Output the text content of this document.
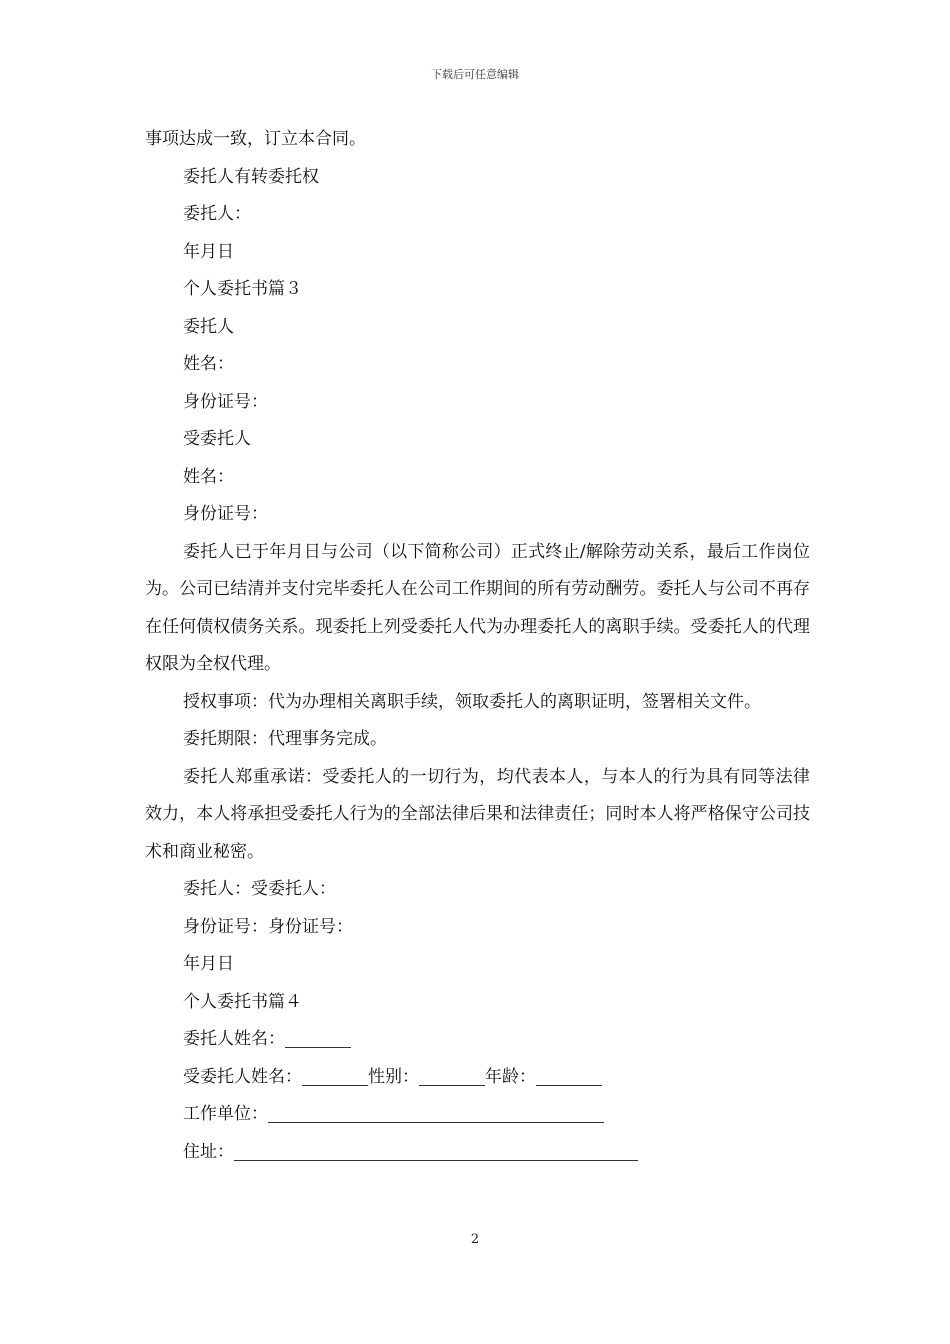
下载后可任意编辑

事项达成一致，订立本合同。

委托人有转委托权

委托人：

年月日

个人委托书篇３

委托人

姓名：

身份证号：

受委托人

姓名：

身份证号：

委托人已于年月日与公司（以下简称公司）正式终止/解除劳动关系，最后工作岗位为。公司已结清并支付完毕委托人在公司工作期间的所有劳动酬劳。委托人与公司不再存在任何债权债务关系。现委托上列受委托人代为办理委托人的离职手续。受委托人的代理权限为全权代理。

授权事项：代为办理相关离职手续，领取委托人的离职证明，签署相关文件。

委托期限：代理事务完成。

委托人郑重承诺：受委托人的一切行为，均代表本人，与本人的行为具有同等法律效力，本人将承担受委托人行为的全部法律后果和法律责任；同时本人将严格保守公司技术和商业秘密。

委托人：受委托人：

身份证号：身份证号：

年月日

个人委托书篇４

委托人姓名：

受委托人姓名：	性别：	年龄：

工作单位：

住址：

2
